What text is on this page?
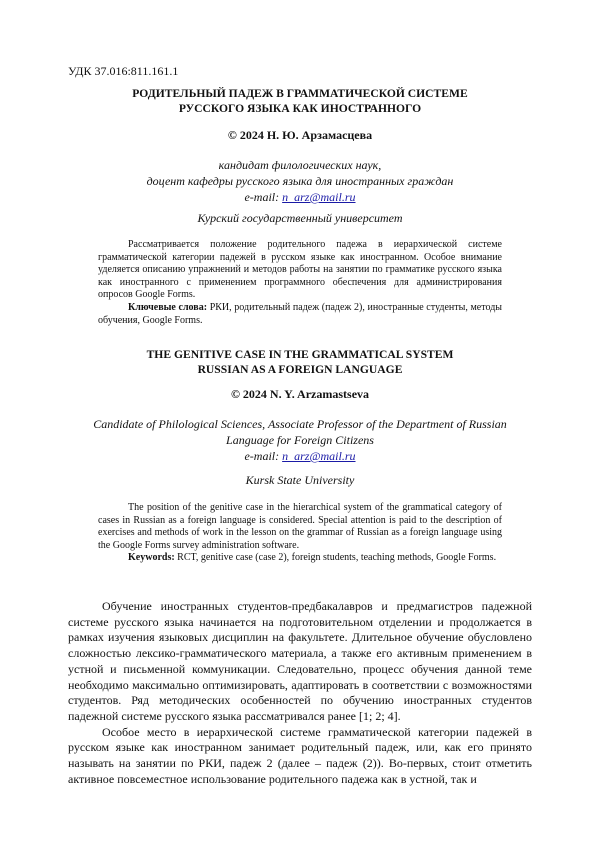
УДК 37.016:811.161.1
РОДИТЕЛЬНЫЙ ПАДЕЖ В ГРАММАТИЧЕСКОЙ СИСТЕМЕ
РУССКОГО ЯЗЫКА КАК ИНОСТРАННОГО
© 2024 Н. Ю. Арзамасцева
кандидат филологических наук,
доцент кафедры русского языка для иностранных граждан
e-mail: n_arz@mail.ru
Курский государственный университет

Рассматривается положение родительного падежа в иерархической системе грамматической категории падежей в русском языке как иностранном. Особое внимание уделяется описанию упражнений и методов работы на занятии по грамматике русского языка как иностранного с применением программного обеспечения для администрирования опросов Google Forms.

Ключевые слова: РКИ, родительный падеж (падеж 2), иностранные студенты, методы обучения, Google Forms.

THE GENITIVE CASE IN THE GRAMMATICAL SYSTEM
RUSSIAN AS A FOREIGN LANGUAGE
© 2024 N. Y. Arzamastseva
Candidate of Philological Sciences, Associate Professor of the Department of Russian
Language for Foreign Citizens
e-mail: n_arz@mail.ru
Kursk State University

The position of the genitive case in the hierarchical system of the grammatical category of cases in Russian as a foreign language is considered. Special attention is paid to the description of exercises and methods of work in the lesson on the grammar of Russian as a foreign language using the Google Forms survey administration software.

Keywords: RCT, genitive case (case 2), foreign students, teaching methods, Google Forms.

Обучение иностранных студентов-предбакалавров и предмагистров падежной системе русского языка начинается на подготовительном отделении и продолжается в рамках изучения языковых дисциплин на факультете. Длительное обучение обусловлено сложностью лексико-грамматического материала, а также его активным применением в устной и письменной коммуникации. Следовательно, процесс обучения данной теме необходимо максимально оптимизировать, адаптировать в соответствии с возможностями студентов. Ряд методических особенностей по обучению иностранных студентов падежной системе русского языка рассматривался ранее [1; 2; 4].

Особое место в иерархической системе грамматической категории падежей в русском языке как иностранном занимает родительный падеж, или, как его принято называть на занятии по РКИ, падеж 2 (далее – падеж (2)). Во-первых, стоит отметить активное повсеместное использование родительного падежа как в устной, так и
